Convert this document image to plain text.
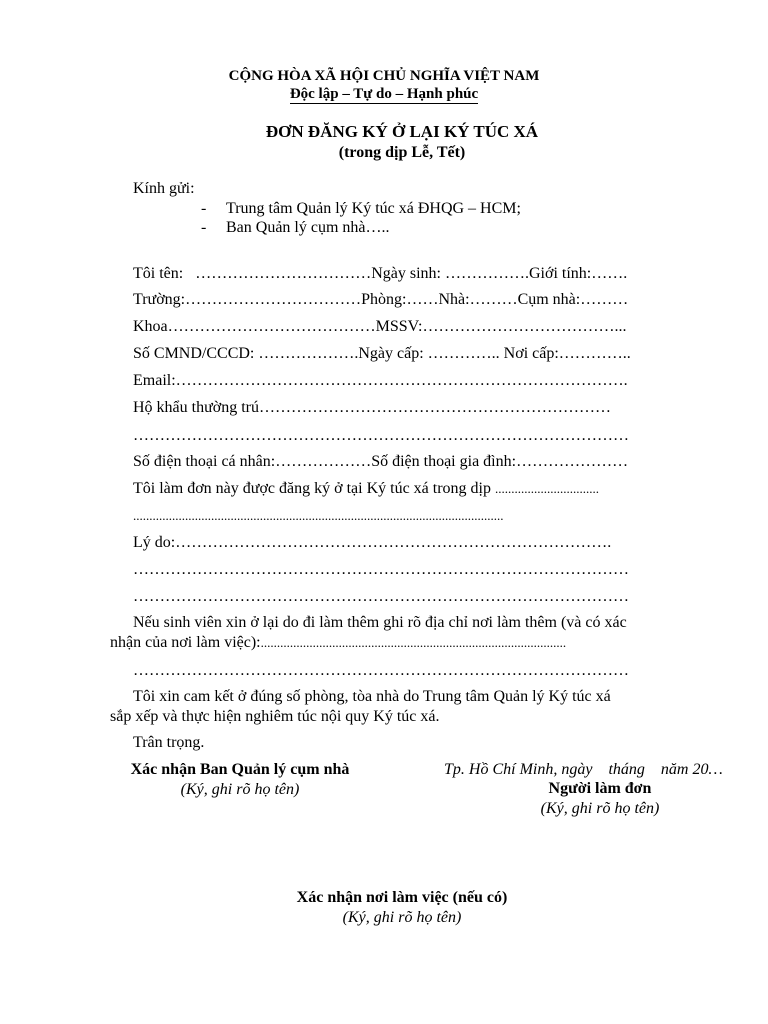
CỘNG HÒA XÃ HỘI CHỦ NGHĨA VIỆT NAM
Độc lập – Tự do – Hạnh phúc
ĐƠN ĐĂNG KÝ Ở LẠI KÝ TÚC XÁ
(trong dịp Lễ, Tết)
Kính gửi:
- Trung tâm Quản lý Ký túc xá ĐHQG – HCM;
- Ban Quản lý cụm nhà…..
Tôi tên:   ……………………………Ngày sinh: …………….Giới tính:…….
Trường:……………………………Phòng:……Nhà:………Cụm nhà:………
Khoa…………………………………MSSV:………………………………...
Số CMND/CCCD: ……………….Ngày cấp: ………….. Nơi cấp:…………..
Email:………………………………………………………………………….
Hộ khẩu thường trú…………………………………………………………
…………………………………………………………………………………
Số điện thoại cá nhân:………………Số điện thoại gia đình:…………………
Tôi làm đơn này được đăng ký ở tại Ký túc xá trong dịp ................................
..................................................................................................................
Lý do:……………………………………………………………………….
…………………………………………………………………………………
…………………………………………………………………………………
Nếu sinh viên xin ở lại do đi làm thêm ghi rõ địa chỉ nơi làm thêm (và có xác
nhận của nơi làm việc):..............................................................................................
…………………………………………………………………………………
Tôi xin cam kết ở đúng số phòng, tòa nhà do Trung tâm Quản lý Ký túc xá
sắp xếp và thực hiện nghiêm túc nội quy Ký túc xá.
Trân trọng.
Xác nhận Ban Quản lý cụm nhà
(Ký, ghi rõ họ tên)
Tp. Hồ Chí Minh, ngày    tháng    năm 20…
Người làm đơn
(Ký, ghi rõ họ tên)
Xác nhận nơi làm việc (nếu có)
(Ký, ghi rõ họ tên)
